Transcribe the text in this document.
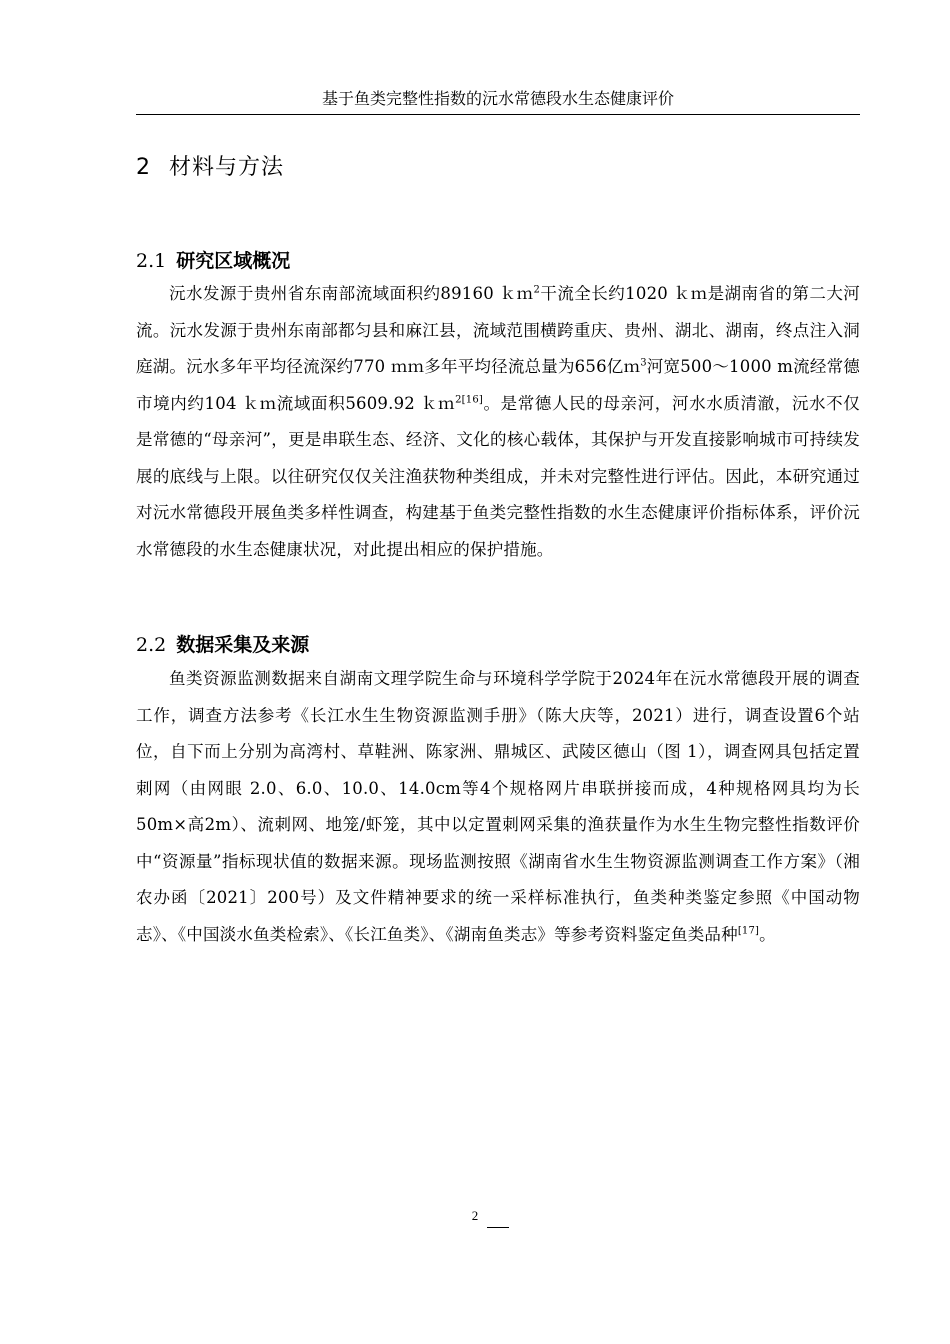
基于鱼类完整性指数的沅水常德段水生态健康评价
2 材料与方法
2.1 研究区域概况
沅水发源于贵州省东南部流域面积约89160 ｋｍ$^2$干流全长约1020 ｋｍ是湖南省的第二大河流。沅水发源于贵州东南部都匀县和麻江县，流域范围横跨重庆、贵州、湖北、湖南，终点注入洞庭湖。沅水多年平均径流深约770 ｍｍ多年平均径流总量为656亿ｍ$^3$河宽500～1000 m流经常德市境内约104 ｋｍ流域面积5609.92 ｋｍ$^{2[16]}$。是常德人民的母亲河，河水水质清澈，沅水不仅是常德的“母亲河”，更是串联生态、经济、文化的核心载体，其保护与开发直接影响城市可持续发展的底线与上限。以往研究仅仅关注渔获物种类组成，并未对完整性进行评估。因此，本研究通过对沅水常德段开展鱼类多样性调查，构建基于鱼类完整性指数的水生态健康评价指标体系，评价沅水常德段的水生态健康状况，对此提出相应的保护措施。
2.2 数据采集及来源
鱼类资源监测数据来自湖南文理学院生命与环境科学学院于2024年在沅水常德段开展的调查工作，调查方法参考《长江水生生物资源监测手册》（陈大庆等，2021）进行，调查设置6个站位，自下而上分别为高湾村、草鞋洲、陈家洲、鼎城区、武陵区德山（图 1），调查网具包括定置刺网（由网眼 2.0、6.0、10.0、14.0cm等4个规格网片串联拼接而成，4种规格网具均为长50m×高2m）、流刺网、地笼/虾笼，其中以定置刺网采集的渔获量作为水生生物完整性指数评价中“资源量”指标现状值的数据来源。现场监测按照《湖南省水生生物资源监测调查工作方案》（湘农办函〔2021〕200号）及文件精神要求的统一采样标准执行，鱼类种类鉴定参照《中国动物志》、《中国淡水鱼类检索》、《长江鱼类》、《湖南鱼类志》等参考资料鉴定鱼类品种[17]。
2
